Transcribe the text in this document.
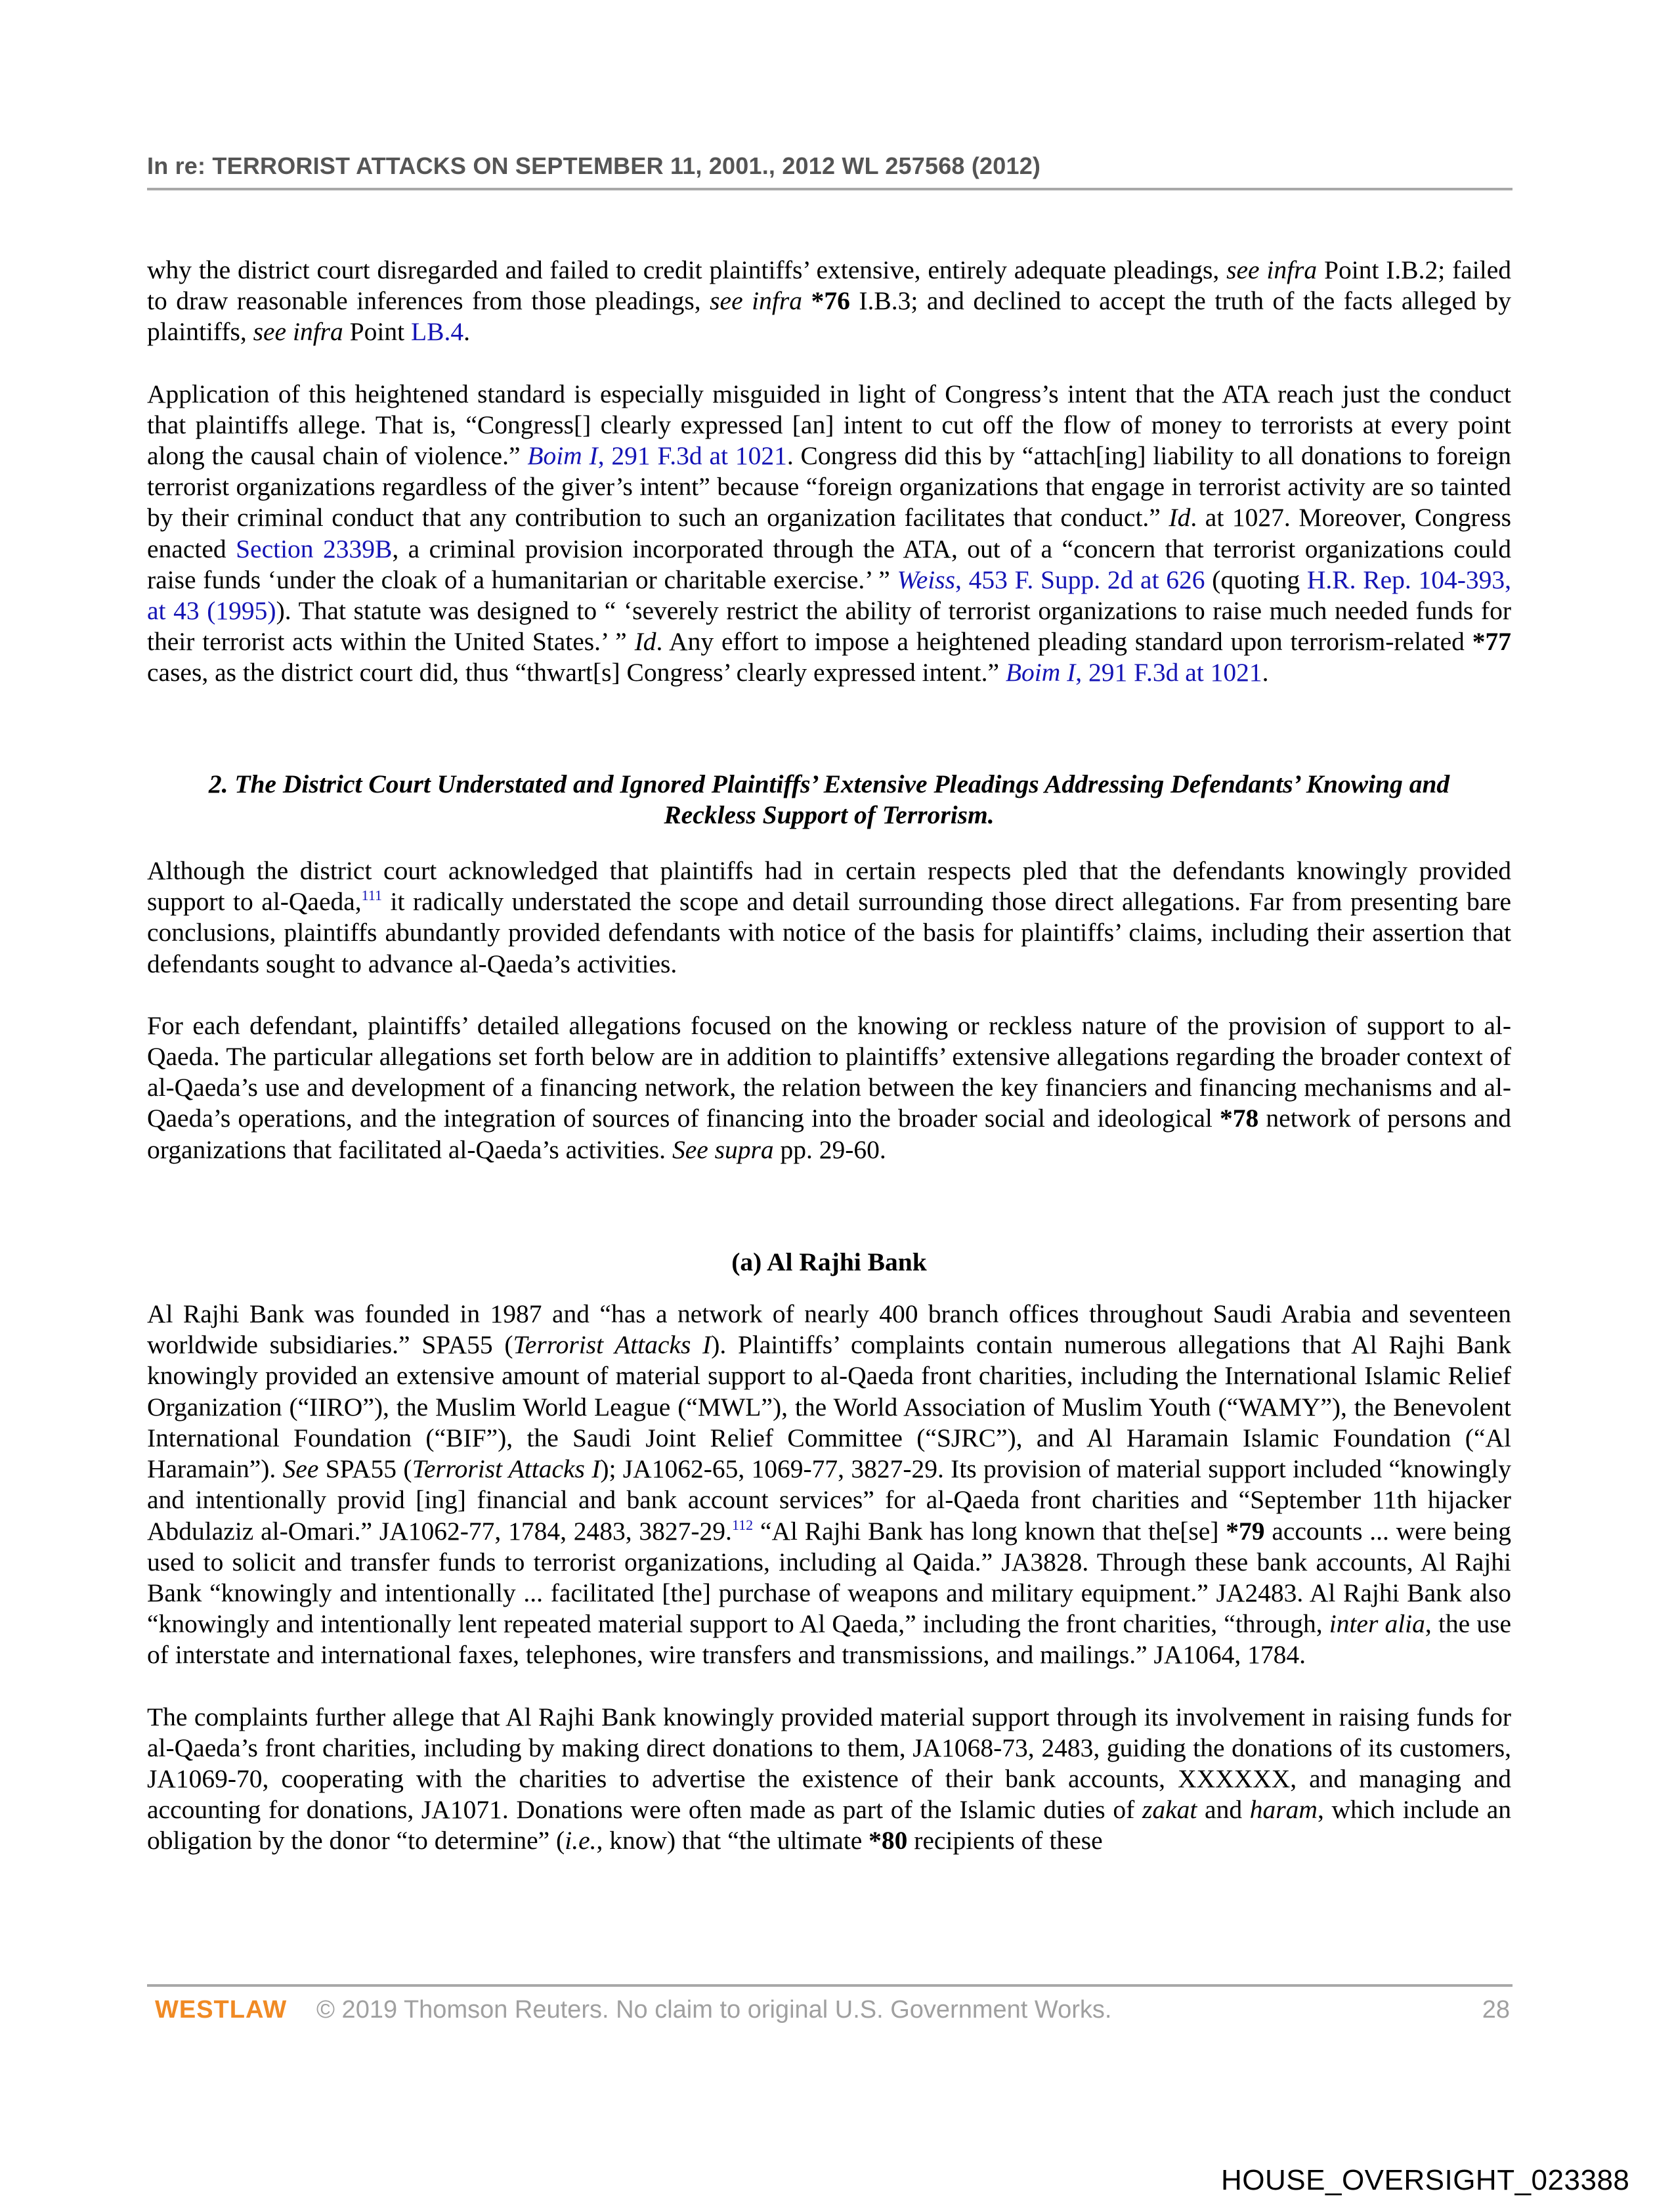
In re: TERRORIST ATTACKS ON SEPTEMBER 11, 2001., 2012 WL 257568 (2012)

why the district court disregarded and failed to credit plaintiffs’ extensive, entirely adequate pleadings, see infra Point I.B.2; failed to draw reasonable inferences from those pleadings, see infra *76 I.B.3; and declined to accept the truth of the facts alleged by plaintiffs, see infra Point LB.4.

Application of this heightened standard is especially misguided in light of Congress’s intent that the ATA reach just the conduct that plaintiffs allege. That is, “Congress[] clearly expressed [an] intent to cut off the flow of money to terrorists at every point along the causal chain of violence.” Boim I, 291 F.3d at 1021. Congress did this by “attach[ing] liability to all donations to foreign terrorist organizations regardless of the giver’s intent” because “foreign organizations that engage in terrorist activity are so tainted by their criminal conduct that any contribution to such an organization facilitates that conduct.” Id. at 1027. Moreover, Congress enacted Section 2339B, a criminal provision incorporated through the ATA, out of a “concern that terrorist organizations could raise funds ‘under the cloak of a humanitarian or charitable exercise.’ ” Weiss, 453 F. Supp. 2d at 626 (quoting H.R. Rep. 104-393, at 43 (1995)). That statute was designed to “ ‘severely restrict the ability of terrorist organizations to raise much needed funds for their terrorist acts within the United States.’ ” Id. Any effort to impose a heightened pleading standard upon terrorism-related *77 cases, as the district court did, thus “thwart[s] Congress’ clearly expressed intent.” Boim I, 291 F.3d at 1021.

2. The District Court Understated and Ignored Plaintiffs’ Extensive Pleadings Addressing Defendants’ Knowing and Reckless Support of Terrorism.

Although the district court acknowledged that plaintiffs had in certain respects pled that the defendants knowingly provided support to al-Qaeda,$^{111}$ it radically understated the scope and detail surrounding those direct allegations. Far from presenting bare conclusions, plaintiffs abundantly provided defendants with notice of the basis for plaintiffs’ claims, including their assertion that defendants sought to advance al-Qaeda’s activities.

For each defendant, plaintiffs’ detailed allegations focused on the knowing or reckless nature of the provision of support to al-Qaeda. The particular allegations set forth below are in addition to plaintiffs’ extensive allegations regarding the broader context of al-Qaeda’s use and development of a financing network, the relation between the key financiers and financing mechanisms and al-Qaeda’s operations, and the integration of sources of financing into the broader social and ideological *78 network of persons and organizations that facilitated al-Qaeda’s activities. See supra pp. 29-60.

(a) Al Rajhi Bank

Al Rajhi Bank was founded in 1987 and “has a network of nearly 400 branch offices throughout Saudi Arabia and seventeen worldwide subsidiaries.” SPA55 (Terrorist Attacks I). Plaintiffs’ complaints contain numerous allegations that Al Rajhi Bank knowingly provided an extensive amount of material support to al-Qaeda front charities, including the International Islamic Relief Organization (“IIRO”), the Muslim World League (“MWL”), the World Association of Muslim Youth (“WAMY”), the Benevolent International Foundation (“BIF”), the Saudi Joint Relief Committee (“SJRC”), and Al Haramain Islamic Foundation (“Al Haramain”). See SPA55 (Terrorist Attacks I); JA1062-65, 1069-77, 3827-29. Its provision of material support included “knowingly and intentionally provid [ing] financial and bank account services” for al-Qaeda front charities and “September 11th hijacker Abdulaziz al-Omari.” JA1062-77, 1784, 2483, 3827-29.$^{112}$ “Al Rajhi Bank has long known that the[se] *79 accounts ... were being used to solicit and transfer funds to terrorist organizations, including al Qaida.” JA3828. Through these bank accounts, Al Rajhi Bank “knowingly and intentionally ... facilitated [the] purchase of weapons and military equipment.” JA2483. Al Rajhi Bank also “knowingly and intentionally lent repeated material support to Al Qaeda,” including the front charities, “through, inter alia, the use of interstate and international faxes, telephones, wire transfers and transmissions, and mailings.” JA1064, 1784.

The complaints further allege that Al Rajhi Bank knowingly provided material support through its involvement in raising funds for al-Qaeda’s front charities, including by making direct donations to them, JA1068-73, 2483, guiding the donations of its customers, JA1069-70, cooperating with the charities to advertise the existence of their bank accounts, XXXXXX, and managing and accounting for donations, JA1071. Donations were often made as part of the Islamic duties of zakat and haram, which include an obligation by the donor “to determine” (i.e., know) that “the ultimate *80 recipients of these

WESTLAW © 2019 Thomson Reuters. No claim to original U.S. Government Works.	28
HOUSE_OVERSIGHT_023388
